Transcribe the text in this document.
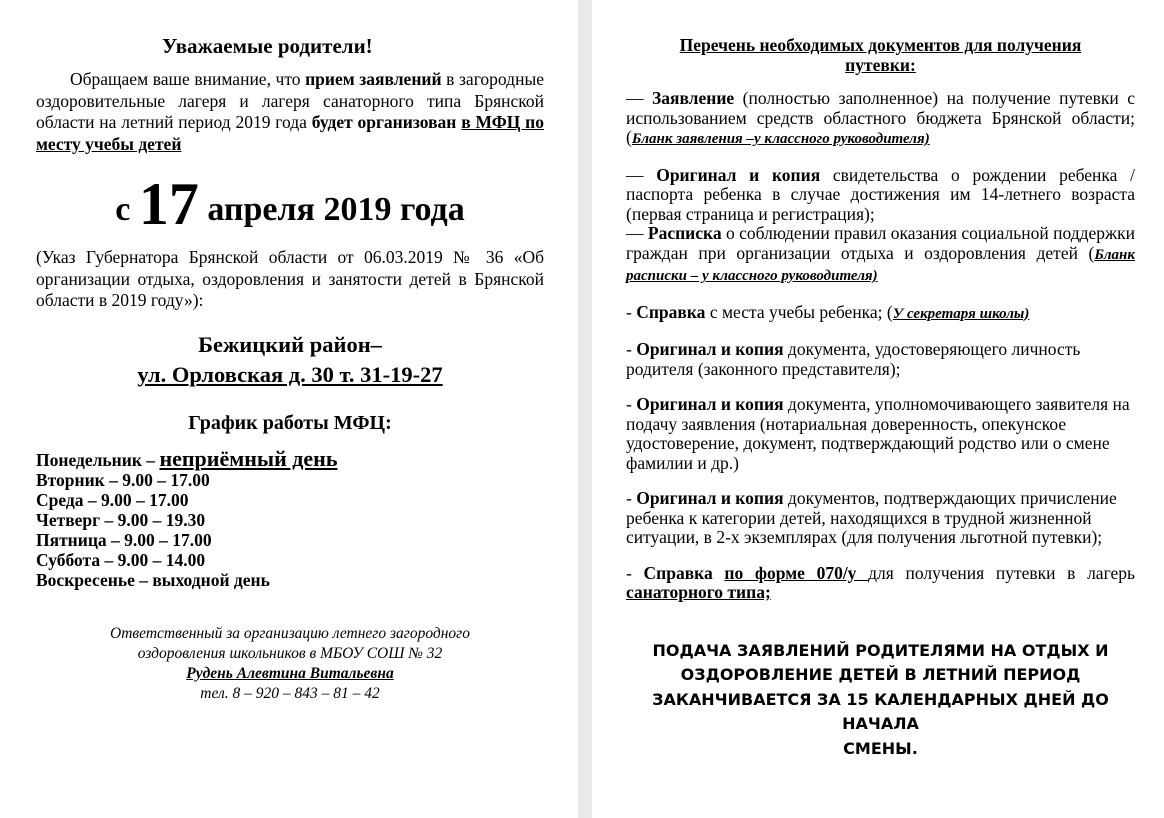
Уважаемые родители!

Обращаем ваше внимание, что прием заявлений в загородные оздоровительные лагеря и лагеря санаторного типа Брянской области на летний период 2019 года будет организован в МФЦ по месту учебы детей

с 17 апреля 2019 года

(Указ Губернатора Брянской области от 06.03.2019 № 36 «Об организации отдыха, оздоровления и занятости детей в Брянской области в 2019 году»):

Бежицкий район–
ул. Орловская д. 30 т. 31-19-27
График работы МФЦ:
Понедельник – неприёмный день
Вторник – 9.00 – 17.00
Среда – 9.00 – 17.00
Четверг – 9.00 – 19.30
Пятница – 9.00 – 17.00
Суббота – 9.00 – 14.00
Воскресенье – выходной день
Ответственный за организацию летнего загородного
оздоровления школьников в МБОУ СОШ № 32
Рудень Алевтина Витальевна
тел. 8 – 920 – 843 – 81 – 42
Перечень необходимых документов для получения
путевки:

— Заявление (полностью заполненное) на получение путевки с использованием средств областного бюджета Брянской области;(Бланк заявления –у классного руководителя)

— Оригинал и копия свидетельства о рождении ребенка / паспорта ребенка в случае достижения им 14-летнего возраста (первая страница и регистрация);

— Расписка о соблюдении правил оказания социальной поддержки граждан при организации отдыха и оздоровления детей (Бланк расписки – у классного руководителя)

- Справка с места учебы ребенка; (У секретаря школы)

- Оригинал и копия документа, удостоверяющего личность родителя (законного представителя);

- Оригинал и копия документа, уполномочивающего заявителя на подачу заявления (нотариальная доверенность, опекунское удостоверение, документ, подтверждающий родство или о смене фамилии и др.)

- Оригинал и копия документов, подтверждающих причисление ребенка к категории детей, находящихся в трудной жизненной ситуации, в 2-х экземплярах (для получения льготной путевки);

- Справка по форме 070/у для получения путевки в лагерь санаторного типа;

ПОДАЧА ЗАЯВЛЕНИЙ РОДИТЕЛЯМИ НА ОТДЫХ И
ОЗДОРОВЛЕНИЕ ДЕТЕЙ В ЛЕТНИЙ ПЕРИОД
ЗАКАНЧИВАЕТСЯ ЗА 15 КАЛЕНДАРНЫХ ДНЕЙ ДО НАЧАЛА
СМЕНЫ.
